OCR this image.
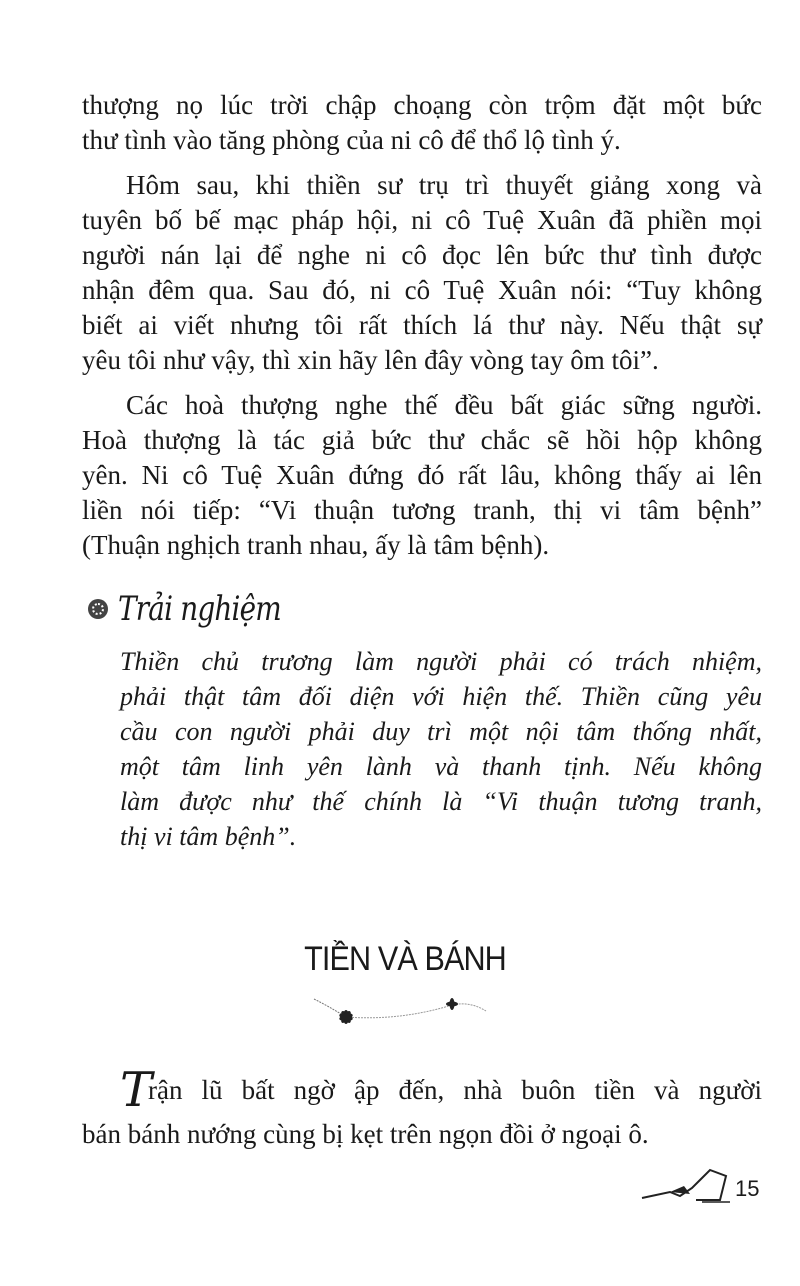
thượng nọ lúc trời chập choạng còn trộm đặt một bức
thư tình vào tăng phòng của ni cô để thổ lộ tình ý.
Hôm sau, khi thiền sư trụ trì thuyết giảng xong và
tuyên bố bế mạc pháp hội, ni cô Tuệ Xuân đã phiền mọi
người nán lại để nghe ni cô đọc lên bức thư tình được
nhận đêm qua. Sau đó, ni cô Tuệ Xuân nói: “Tuy không
biết ai viết nhưng tôi rất thích lá thư này. Nếu thật sự
yêu tôi như vậy, thì xin hãy lên đây vòng tay ôm tôi”.
Các hoà thượng nghe thế đều bất giác sững người.
Hoà thượng là tác giả bức thư chắc sẽ hồi hộp không
yên. Ni cô Tuệ Xuân đứng đó rất lâu, không thấy ai lên
liền nói tiếp: “Vi thuận tương tranh, thị vi tâm bệnh”
(Thuận nghịch tranh nhau, ấy là tâm bệnh).
Trải nghiệm
Thiền chủ trương làm người phải có trách nhiệm,
phải thật tâm đối diện với hiện thế. Thiền cũng yêu
cầu con người phải duy trì một nội tâm thống nhất,
một tâm linh yên lành và thanh tịnh. Nếu không
làm được như thế chính là “Vi thuận tương tranh,
thị vi tâm bệnh”.
TIỀN VÀ BÁNH
T
rận lũ bất ngờ ập đến, nhà buôn tiền và người
bán bánh nướng cùng bị kẹt trên ngọn đồi ở ngoại ô.
15
